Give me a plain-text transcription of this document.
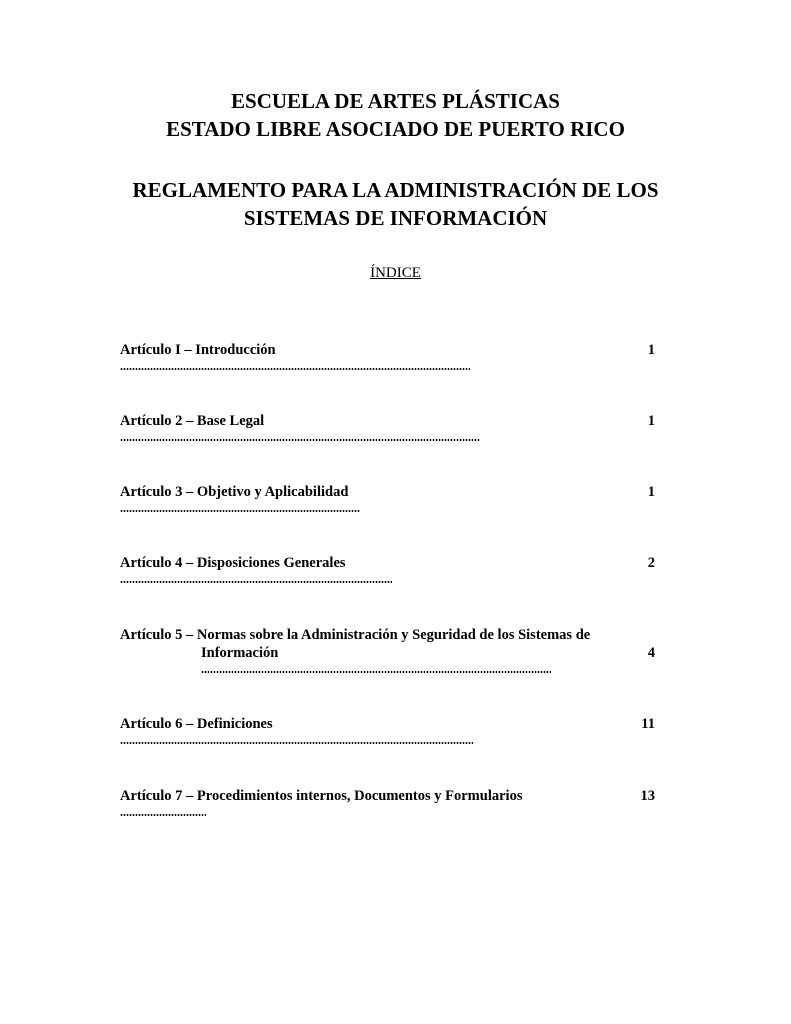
ESCUELA DE ARTES PLÁSTICAS
ESTADO LIBRE ASOCIADO DE PUERTO RICO
REGLAMENTO PARA LA ADMINISTRACIÓN DE LOS
SISTEMAS DE INFORMACIÓN
ÍNDICE
Artículo I – Introducción	1
Artículo 2 – Base Legal	1
Artículo 3 – Objetivo y Aplicabilidad	1
Artículo 4 – Disposiciones Generales	2
Artículo 5 – Normas sobre la Administración y Seguridad de los Sistemas de
Información	4
Artículo 6 – Definiciones	11
Artículo 7 – Procedimientos internos, Documentos y Formularios	13
